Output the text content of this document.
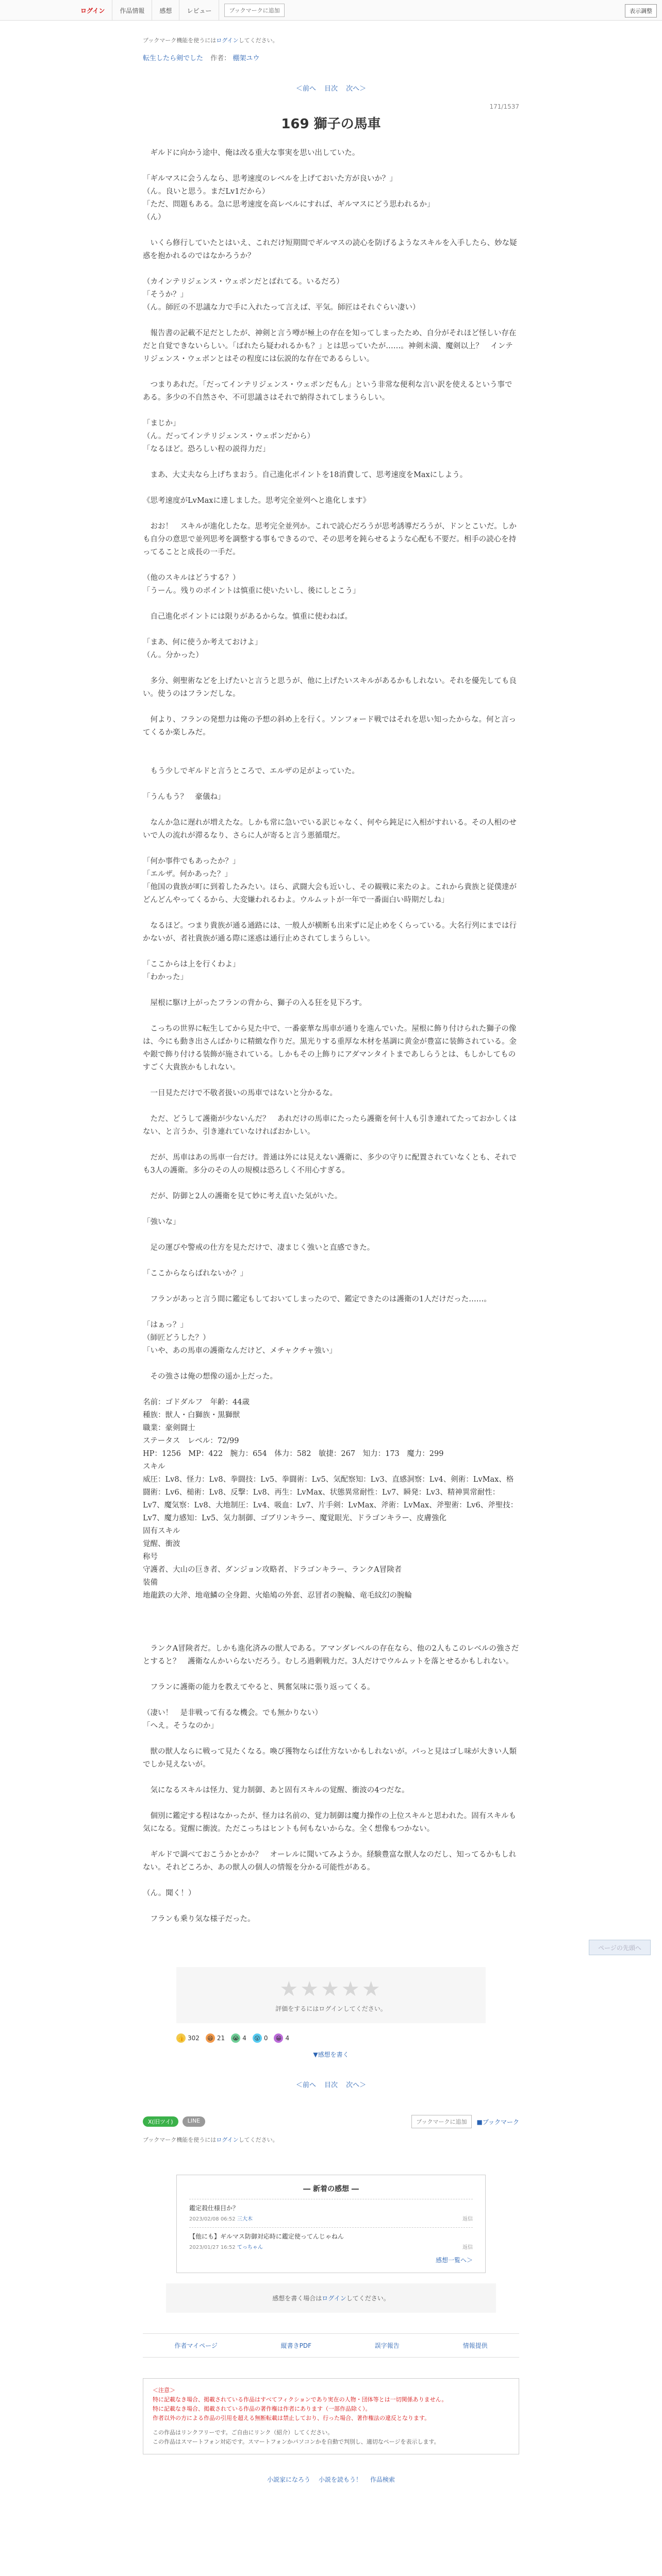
ログイン	作品情報	感想	レビュー	ブックマークに追加	表示調整
ブックマーク機能を使うにはログインしてください。
転生したら剣でした 作者： 棚架ユウ
＜前へ 目次 次へ＞
171/1537
169 獅子の馬車

　ギルドに向かう途中、俺は改る重大な事実を思い出していた。

「ギルマスに会うんなら、思考速度のレベルを上げておいた方が良いか？」

（ん。良いと思う。まだLv1だから）

「ただ、問題もある。急に思考速度を高レベルにすれば、ギルマスにどう思われるか」

（ん）

　いくら修行していたとはいえ、これだけ短期間でギルマスの読心を防げるようなスキルを入手したら、妙な疑惑を抱かれるのではなかろうか？

（カインテリジェンス・ウェポンだとばれてる。いるだろ）

「そうか？」

（ん。師匠の不思議な力で手に入れたって言えば、平気。師匠はそれぐらい凄い）

　報告書の記載不足だとしたが、神剣と言う噂が極上の存在を知ってしまったため、自分がそれほど怪しい存在だと自覚できないらしい。「ばれたら疑われるかも？」とは思っていたが……。神剣未満、魔剣以上？　インテリジェンス・ウェポンとはその程度には伝説的な存在であるらしい。

　つまりあれだ。「だってインテリジェンス・ウェポンだもん」という非常な便利な言い訳を使えるという事である。多少の不自然さや、不可思議さはそれで納得されてしまうらしい。

「まじか」

（ん。だってインテリジェンス・ウェポンだから）

「なるほど。恐ろしい程の説得力だ」

　まあ、大丈夫なら上げちまおう。自己進化ポイントを18消費して、思考速度をMaxにしよう。

《思考速度がLvMaxに達しました。思考完全並列へと進化します》

　おお！　スキルが進化したな。思考完全並列か。これで読心だろうが思考誘導だろうが、ドンとこいだ。しかも自分の意思で並列思考を調整する事もできるので、その思考を鈍らせるような心配も不要だ。相手の読心を持ってることと成長の一手だ。

（他のスキルはどうする？）

「うーん。残りのポイントは慎重に使いたいし、後にしとこう」

　自己進化ポイントには限りがあるからな。慎重に使わねば。

「まあ、何に使うか考えておけよ」

（ん。分かった）

　多分、剣聖術などを上げたいと言うと思うが、他に上げたいスキルがあるかもしれない。それを優先しても良い。使うのはフランだしな。

　何より、フランの発想力は俺の予想の斜め上を行く。ソンフォード戦ではそれを思い知ったからな。何と言ってくるか楽しみだ。

　もう少しでギルドと言うところで、エルザの足がよっていた。

「うんもう？　豪儀ね」

　なんか急に遅れが増えたな。しかも常に急いでいる訳じゃなく、何やら鈍足に入相がすれいる。その人相のせいで人の流れが滞るなり、さらに人が寄ると言う悪循環だ。

「何か事件でもあったか？」

「エルザ。何かあった？」

「他国の貴族が町に到着したみたい。ほら、武闘大会も近いし、その観戦に来たのよ。これから貴族と従僕達がどんどんやってくるから、大変嫌われるわよ。ウルムットが一年で一番面白い時期だしね」

　なるほど。つまり貴族が通る通路には、一般人が横断も出来ずに足止めをくらっている。大名行列にまでは行かないが、者社貴族が通る際に迷惑は通行止めされてしまうらしい。

「ここからは上を行くわよ」

「わかった」

　屋根に駆け上がったフランの背から、獅子の入る狂を見下ろす。

　こっちの世界に転生してから見た中で、一番豪華な馬車が通りを進んでいた。屋根に飾り付けられた獅子の像は、今にも動き出さんばかりに精緻な作りだ。黒光りする重厚な木材を基調に黄金が豊富に装飾されている。金や銀で飾り付ける装飾が施されている。しかもその上飾りにアダマンタイトまであしらうとは、もしかしてものすごく大貴族かもしれない。

　一目見ただけで不敬者扱いの馬車ではないと分かるな。

　ただ、どうして護衛が少ないんだ？　あれだけの馬車にたったら護衛を何十人も引き連れてたっておかしくはない、と言うか、引き連れていなければおかしい。

　だが、馬車はあの馬車一台だけ。普通は外には見えない護衛に、多少の守りに配置されていなくとも、それでも3人の護衛。多分のその人の規模は恐ろしく不用心すぎる。

　だが、防御と2人の護衛を見て妙に考え直いた気がいた。

「強いな」

　足の運びや警戒の仕方を見ただけで、凄まじく強いと直感できた。

「ここからならばれないか？」

　フランがあっと言う間に鑑定もしておいてしまったので、鑑定できたのは護衛の1人だけだった……。

「はぁっ？」

（師匠どうした？）

「いや、あの馬車の護衛なんだけど、メチャクチャ強い」

　その強さは俺の想像の遥か上だった。

名前：ゴドダルフ　年齢：44歳

種族：獣人・白獅族・黒獅獣

職業：豪剣闘士

ステータス　レベル：72/99

HP：1256　MP：422　腕力：654　体力：582　敏捷：267　知力：173　魔力：299

スキル

威圧：Lv8、怪力：Lv8、拳闘技：Lv5、拳闘術：Lv5、気配察知：Lv3、直感洞察：Lv4、剣術：LvMax、格闘術：Lv6、槌術：Lv8、反撃：Lv8、再生：LvMax、状態異常耐性：Lv7、瞬発：Lv3、精神異常耐性：Lv7、魔気察：Lv8、大地制圧：Lv4、吸血：Lv7、片手剣：LvMax、斧術：LvMax、斧聖術：Lv6、斧聖技：Lv7、魔力感知：Lv5、気力制御、ゴブリンキラー、魔覚眼光、ドラゴンキラー、皮膚強化

固有スキル

覚醒、衝波

称号

守護者、大山の巨き者、ダンジョン攻略者、ドラゴンキラー、ランクA冒険者

装備

地龍鉄の大斧、地竜鱗の全身鎧、火焔鳩の外套、忍冒者の腕輪、竜毛紋幻の腕輪

　ランクA冒険者だ。しかも進化済みの獣人である。アマンダレベルの存在なら、他の2人もこのレベルの強さだとすると？　護衛なんかいらないだろう。むしろ過剰戦力だ。3人だけでウルムットを落とせるかもしれない。

　フランに護衛の能力を教えてやると、興奮気味に張り返ってくる。

（凄い！　是非戦って有るな機会。でも無かりない）

「へえ。そうなのか」

　獣の獣人ならに戦って見たくなる。喚び獲物ならば仕方ないかもしれないが。パっと見はゴし味が大きい人類でしか見えないが。

　気になるスキルは怪力、覚力制御、あと固有スキルの覚醒、衝波の4つだな。

　個別に鑑定する程はなかったが、怪力は名前の、覚力制御は魔力操作の上位スキルと思われた。固有スキルも気になる。覚醒に衝波。ただこっちはヒントも何もないからな。全く想像もつかない。

　ギルドで調べておこうかとかか？　オーレルに聞いてみようか。経験豊富な獣人なのだし、知ってるかもしれない。それどころか、あの獣人の個人の情報を分かる可能性がある。

（ん。聞く！）

　フランも乗り気な様子だった。

★★★★★
評価をするにはログインしてください。
👍 302 😄 21 😭 4 😲 0 😁 4
▼感想を書く
＜前へ 目次 次へ＞
X(旧ツイ)	LINE	ブックマークに追加	■ブックマーク
ブックマーク機能を使うにはログインしてください。
― 新着の感想 ―
鑑定殺仕様目か？
2023/02/08 06:52 三大木	返信
【他にも】ギルマス防御対応時に鑑定使ってんじゃねん
2023/01/27 16:52 てっちゃん	返信
感想一覧へ＞
感想を書く場合はログインしてください。
作者マイページ	縦書きPDF	誤字報告	情報提供
＜注意＞
特に記載なき場合、掲載されている作品はすべてフィクションであり実在の人物・団体等とは一切関係ありません。
特に記載なき場合、掲載されている作品の著作権は作者にあります（一部作品除く）。
作者以外の方による作品の引用を超える無断転載は禁止しており、行った場合、著作権法の違反となります。
この作品はリンクフリーです。ご自由にリンク（紹介）してください。
この作品はスマートフォン対応です。スマートフォンかパソコンかを自動で判別し、適切なページを表示します。
小説家になろう 小説を読もう！ 作品検索
ページの先頭へ
